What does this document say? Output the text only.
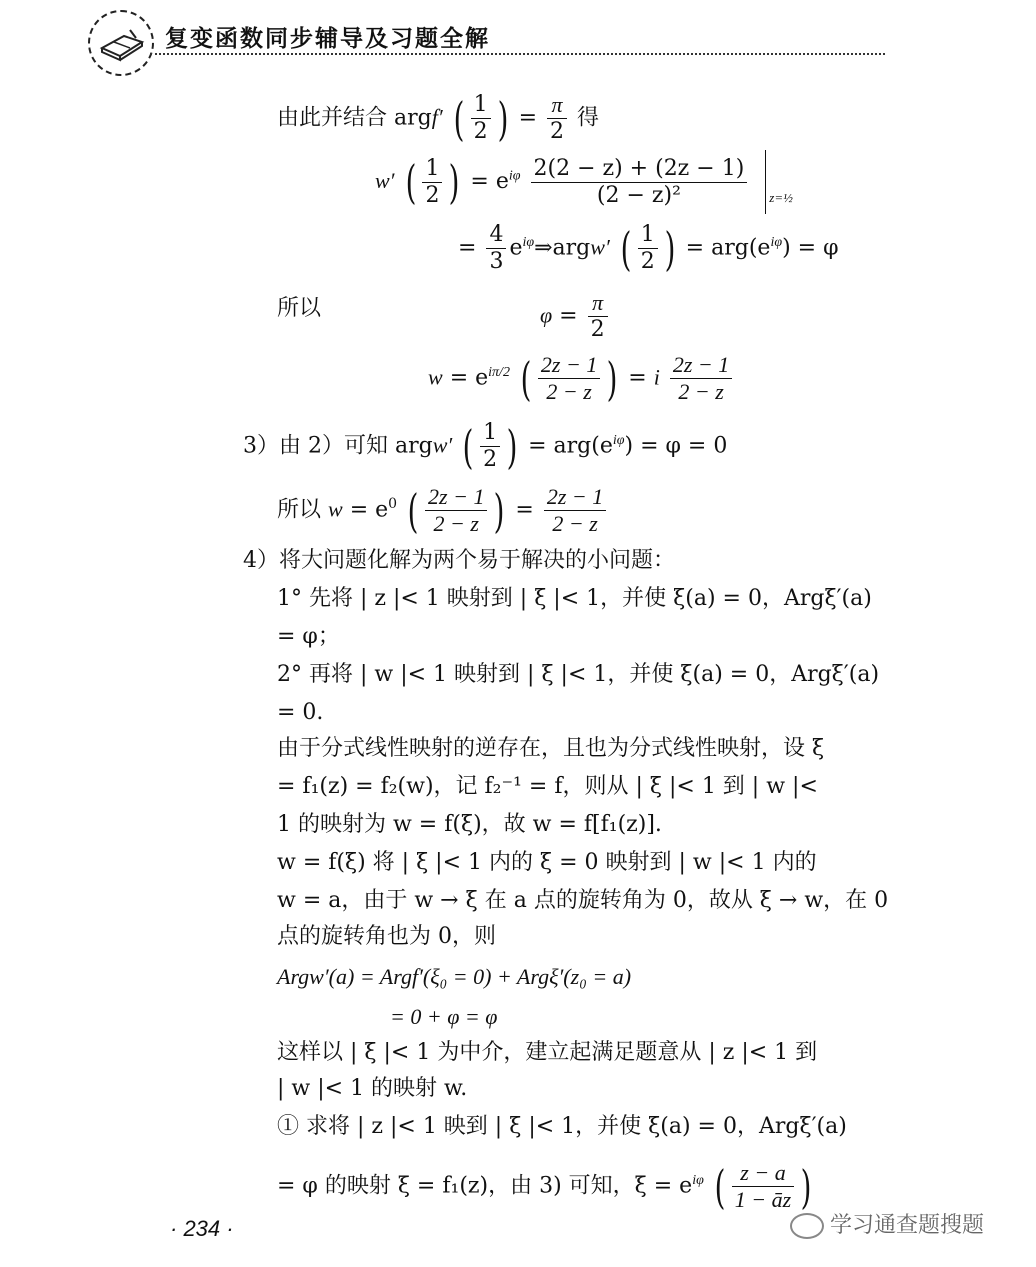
复变函数同步辅导及习题全解
由此并结合 argf′ ( $\frac{1}{2}$ ) = $\frac{\pi}{2}$ 得
w′ ( $\frac{1}{2}$ ) = $e^{i\varphi} \frac{2(2 - z) + (2z - 1)}{\text{(2 − z)²}} _{z=\frac{1}{2}}$
= $\frac{4}{3}$ $e^{i\varphi}\Rightarrow argw'$ ( $\frac{1}{2}$ ) = $arg(e^{i\varphi}) = \varphi$
所以	$\varphi = \frac{\pi}{2}$
$w = e^{i\pi/2}$ ( $\frac{2z - 1}{2 - z}$ ) = i $\frac{2z - 1}{2 - z}$
3）由 2）可知 argw′ ( $\frac{1}{2}$ ) = $arg(e^{i\varphi}) = \varphi = 0$
所以 $w = e^0$ ( $\frac{2z - 1}{2 - z}$ ) = $\frac{2z - 1}{2 - z}$
4）将大问题化解为两个易于解决的小问题：
1° 先将 | z |< 1 映射到 | ξ |< 1，并使 ξ(a) = 0，Argξ′(a)
= φ；
2° 再将 | w |< 1 映射到 | ξ |< 1，并使 ξ(a) = 0，Argξ′(a)
= 0.
由于分式线性映射的逆存在，且也为分式线性映射，设 ξ
= f₁(z) = f₂(w)，记 f₂⁻¹ = f，则从 | ξ |< 1 到 | w |<
1 的映射为 w = f(ξ)，故 w = f[f₁(z)].
w = f(ξ) 将 | ξ |< 1 内的 ξ = 0 映射到 | w |< 1 内的
w = a，由于 w → ξ 在 a 点的旋转角为 0，故从 ξ → w，在 0
点的旋转角也为 0，则
Argw′(a) = Argf′(ξ₀ = 0) + Argξ′(z₀ = a)
= 0 + φ = φ
这样以 | ξ |< 1 为中介，建立起满足题意从 | z |< 1 到
| w |< 1 的映射 w.
① 求将 | z |< 1 映到 | ξ |< 1，并使 ξ(a) = 0，Argξ′(a)
= φ 的映射 ξ = f₁(z)，由 3) 可知，$\xi = e^{i\varphi}$ ( $\frac{z - a}{1 - āz}$ )
· 234 ·	学习通查题搜题
